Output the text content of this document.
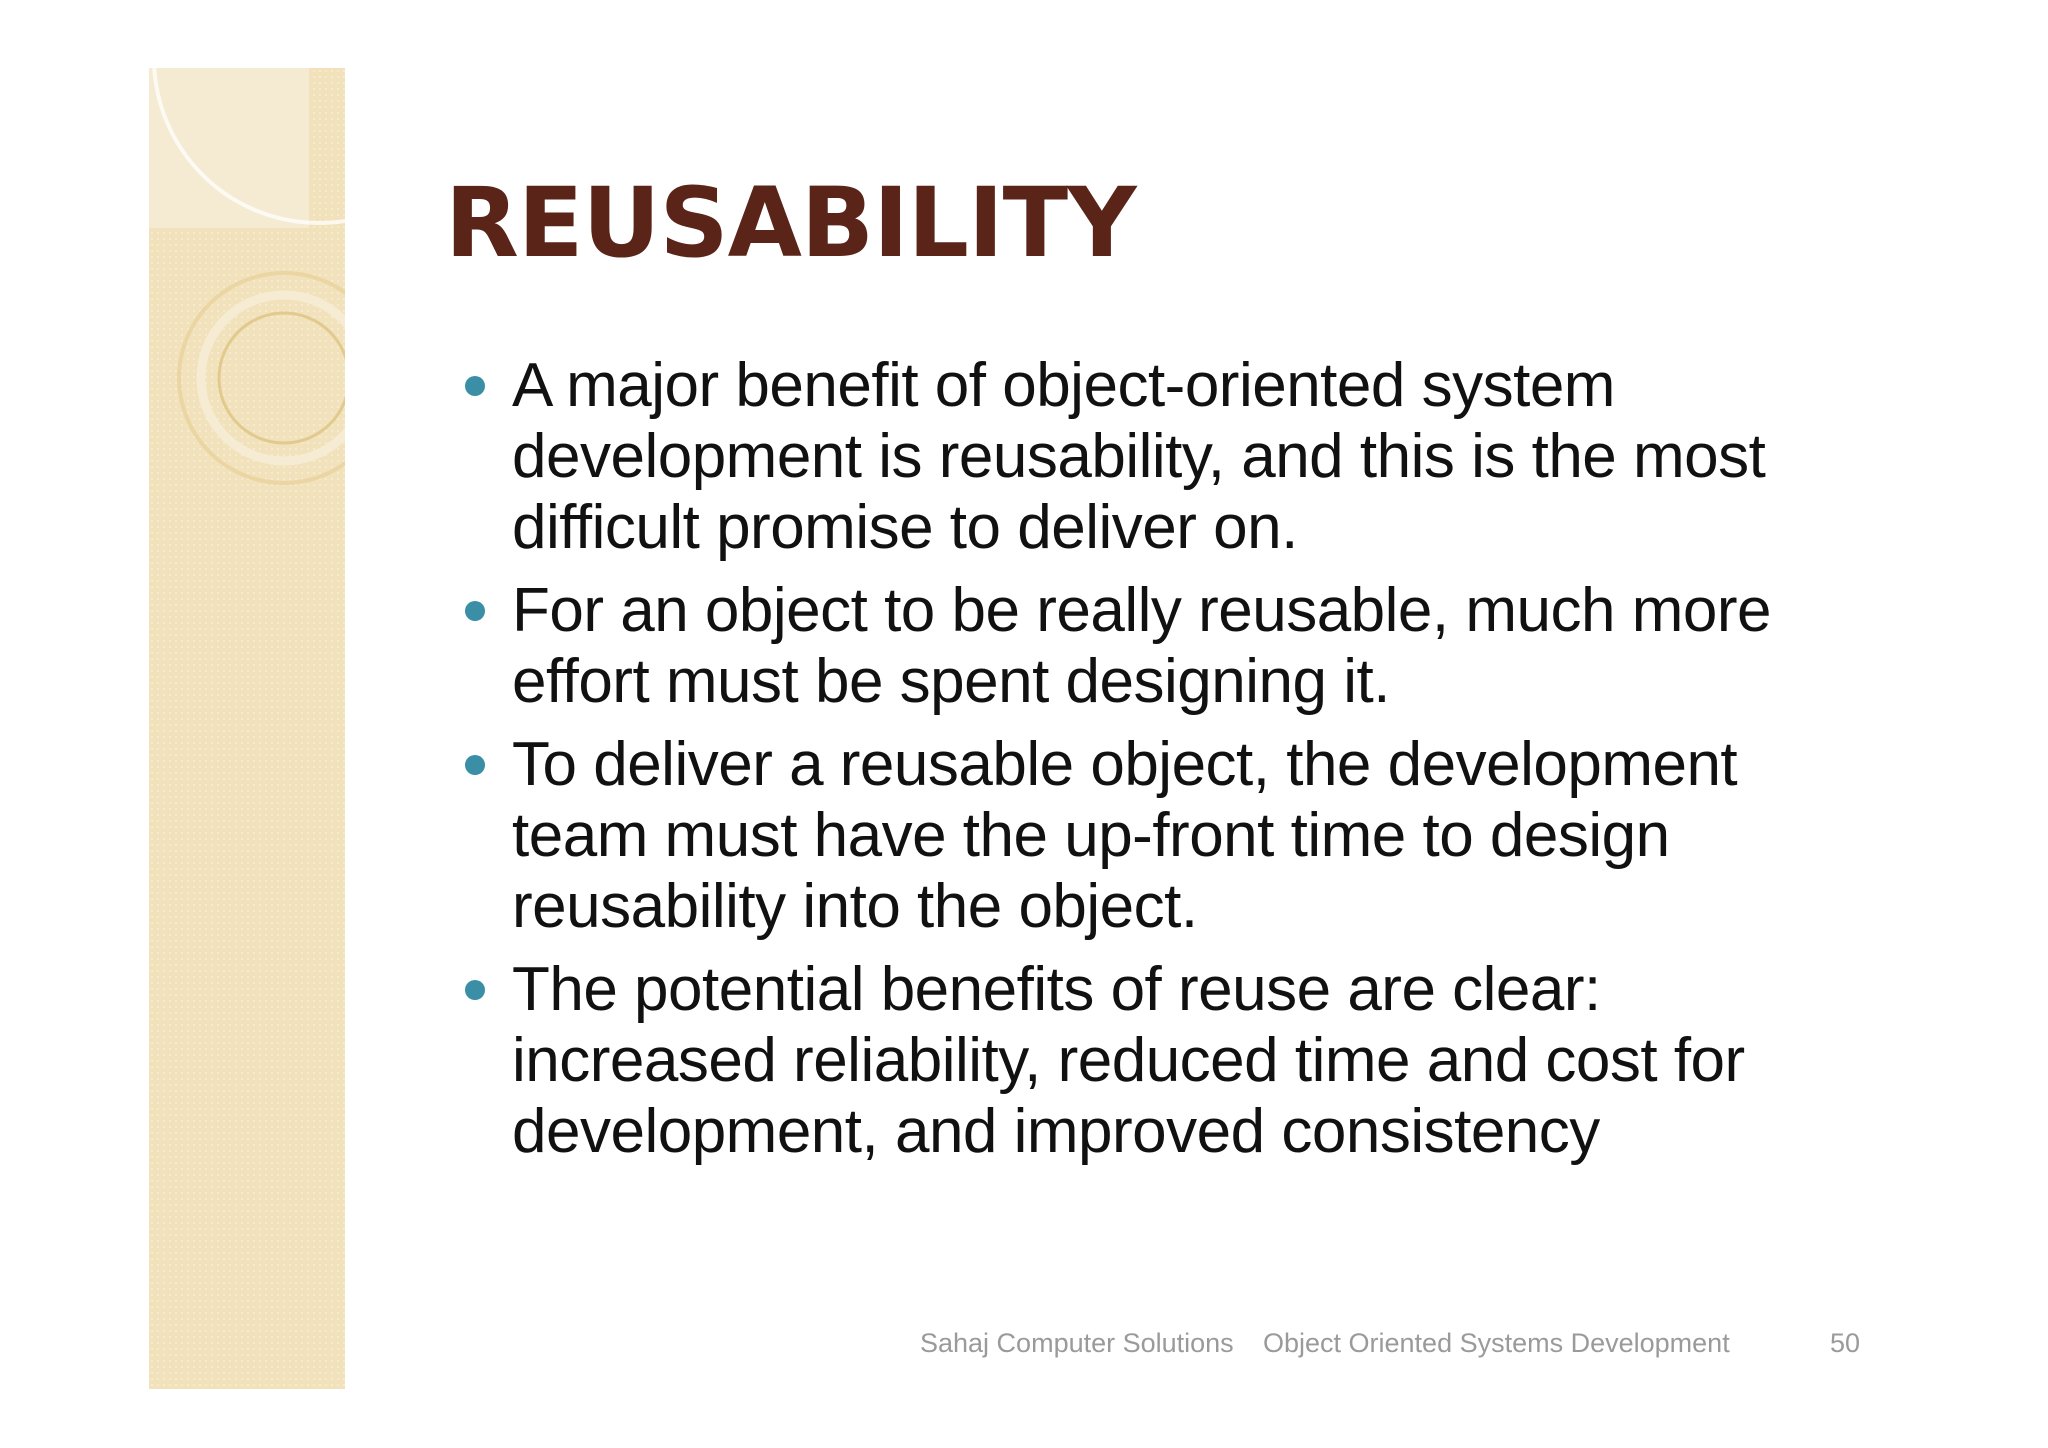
REUSABILITY
A major benefit of object-oriented system development is reusability, and this is the most difficult promise to deliver on.
For an object to be really reusable, much more effort must be spent designing it.
To deliver a reusable object, the development team must have the up-front time to design reusability into the object.
The potential benefits of reuse are clear: increased reliability, reduced time and cost for development, and improved consistency
Sahaj Computer Solutions Object Oriented Systems Development	50
